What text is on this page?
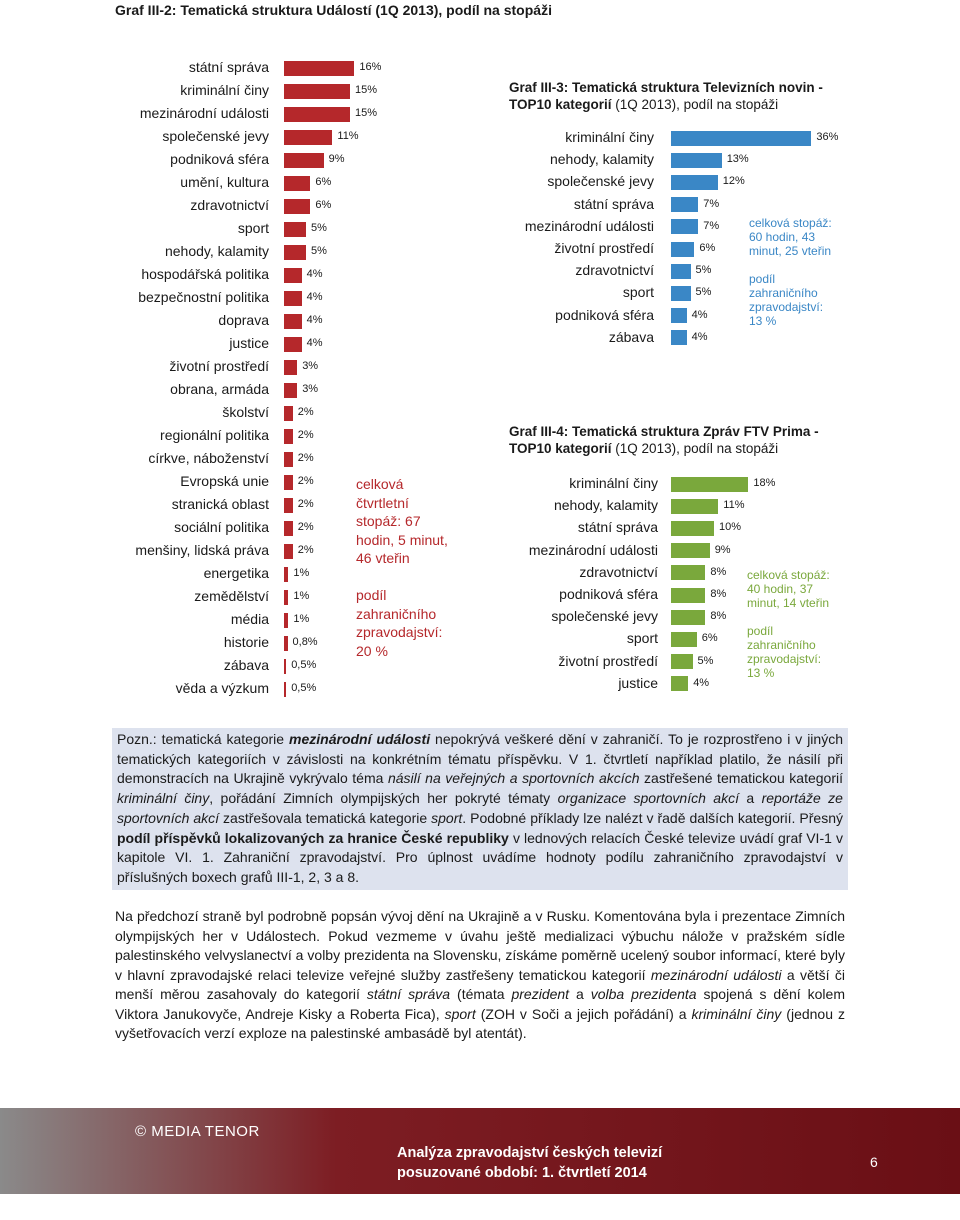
Graf III-2: Tematická struktura Událostí (1Q 2013), podíl na stopáži
státní správa	16%
kriminální činy	15%
mezinárodní události	15%
společenské jevy	11%
podniková sféra	9%
umění, kultura	6%
zdravotnictví	6%
sport	5%
nehody, kalamity	5%
hospodářská politika	4%
bezpečnostní politika	4%
doprava	4%
justice	4%
životní prostředí	3%
obrana, armáda	3%
školství	2%
regionální politika	2%
církve, náboženství	2%
Evropská unie	2%
stranická oblast	2%
sociální politika	2%
menšiny, lidská práva	2%
energetika 1%
zemědělství 1%
média 1%
historie 0,8%
zábava 0,5%
věda a výzkum 0,5%
celková
čtvrtletní
stopáž: 67
hodin, 5 minut,
46 vteřin

podíl
zahraničního
zpravodajství:
20 %
Graf III-3: Tematická struktura Televizních novin -
TOP10 kategorií (1Q 2013), podíl na stopáži
kriminální činy	36%
nehody, kalamity	13%
společenské jevy	12%
státní správa	7%
mezinárodní události	7%
životní prostředí	6%
zdravotnictví	5%
sport	5%
podniková sféra	4%
zábava	4%
celková stopáž:
60 hodin, 43
minut, 25 vteřin

podíl
zahraničního
zpravodajství:
13 %
Graf III-4: Tematická struktura Zpráv FTV Prima -
TOP10 kategorií (1Q 2013), podíl na stopáži
kriminální činy	18%
nehody, kalamity	11%
státní správa	10%
mezinárodní události	9%
zdravotnictví	8%
podniková sféra	8%
společenské jevy	8%
sport	6%
životní prostředí	5%
justice	4%
celková stopáž:
40 hodin, 37
minut, 14 vteřin

podíl
zahraničního
zpravodajství:
13 %
Pozn.: tematická kategorie mezinárodní události nepokrývá veškeré dění v zahraničí. To je rozprostřeno i v jiných tematických kategoriích v závislosti na konkrétním tématu příspěvku. V 1. čtvrtletí například platilo, že násilí při demonstracích na Ukrajině vykrývalo téma násilí na veřejných a sportovních akcích zastřešené tematickou kategorií kriminální činy, pořádání Zimních olympijských her pokryté tématy organizace sportovních akcí a reportáže ze sportovních akcí zastřešovala tematická kategorie sport. Podobné příklady lze nalézt v řadě dalších kategorií. Přesný podíl příspěvků lokalizovaných za hranice České republiky v lednových relacích České televize uvádí graf VI-1 v kapitole VI. 1. Zahraniční zpravodajství. Pro úplnost uvádíme hodnoty podílu zahraničního zpravodajství v příslušných boxech grafů III-1, 2, 3 a 8.
Na předchozí straně byl podrobně popsán vývoj dění na Ukrajině a v Rusku. Komentována byla i prezentace Zimních olympijských her v Událostech. Pokud vezmeme v úvahu ještě medializaci výbuchu nálože v pražském sídle palestinského velvyslanectví a volby prezidenta na Slovensku, získáme poměrně ucelený soubor informací, které byly v hlavní zpravodajské relaci televize veřejné služby zastřešeny tematickou kategorií mezinárodní události a větší či menší měrou zasahovaly do kategorií státní správa (témata prezident a volba prezidenta spojená s dění kolem Viktora Janukovyče, Andreje Kisky a Roberta Fica), sport (ZOH v Soči a jejich pořádání) a kriminální činy (jednou z vyšetřovacích verzí exploze na palestinské ambasádě byl atentát).
© MEDIA TENOR
Analýza zpravodajství českých televizí
posuzované období: 1. čtvrtletí 2014
6
